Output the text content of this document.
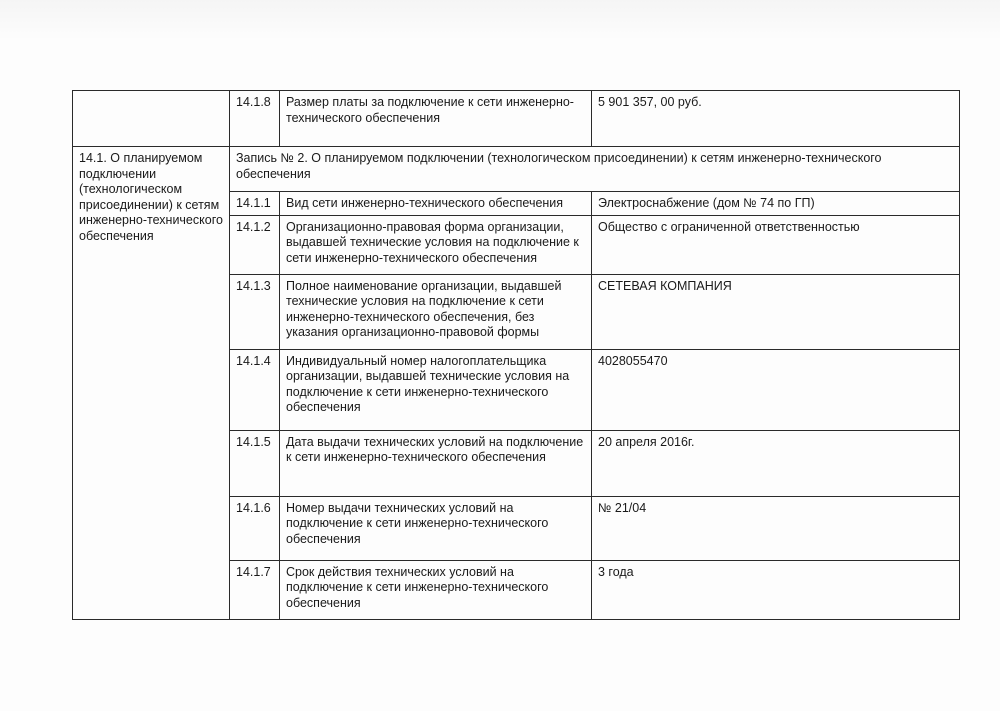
	14.1.8	Размер платы за подключение к сети инженерно-технического обеспечения	5 901 357, 00 руб.
14.1. О планируемом подключении (технологическом присоединении) к сетям инженерно-технического обеспечения	Запись № 2. О планируемом подключении (технологическом присоединении) к сетям инженерно-технического обеспечения		
	14.1.1	Вид сети инженерно-технического обеспечения	Электроснабжение (дом № 74 по ГП)
	14.1.2	Организационно-правовая форма организации, выдавшей технические условия на подключение к сети инженерно-технического обеспечения	Общество с ограниченной ответственностью
	14.1.3	Полное наименование организации, выдавшей технические условия на подключение к сети инженерно-технического обеспечения, без указания организационно-правовой формы	СЕТЕВАЯ КОМПАНИЯ
	14.1.4	Индивидуальный номер налогоплательщика организации, выдавшей технические условия на подключение к сети инженерно-технического обеспечения	4028055470
	14.1.5	Дата выдачи технических условий на подключение к сети инженерно-технического обеспечения	20 апреля 2016г.
	14.1.6	Номер выдачи технических условий на подключение к сети инженерно-технического обеспечения	№ 21/04
	14.1.7	Срок действия технических условий на подключение к сети инженерно-технического обеспечения	3 года
